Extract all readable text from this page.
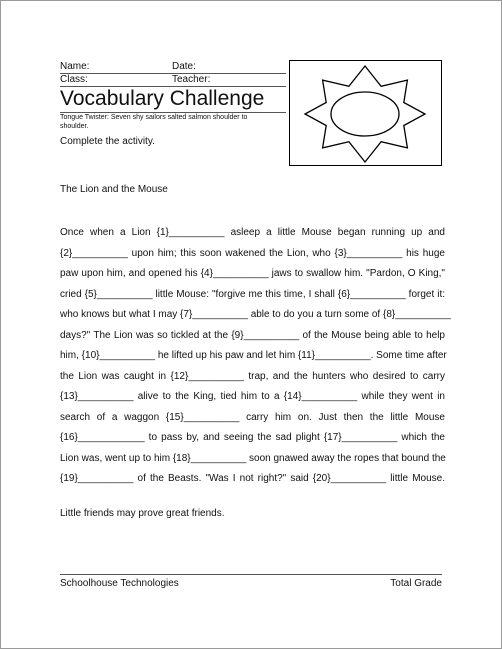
Name:	Date:
Class:	Teacher:
Vocabulary Challenge
Tongue Twister: Seven shy sailors salted salmon shoulder to shoulder.
Complete the activity.
The Lion and the Mouse
Once when a Lion {1}__________ asleep a little Mouse began running up and
{2}__________ upon him; this soon wakened the Lion, who {3}__________ his huge
paw upon him, and opened his {4}__________ jaws to swallow him. "Pardon, O King,"
cried {5}__________ little Mouse: "forgive me this time, I shall {6}__________ forget it:
who knows but what I may {7}__________ able to do you a turn some of {8}__________
days?" The Lion was so tickled at the {9}__________ of the Mouse being able to help
him, {10}__________ he lifted up his paw and let him {11}__________. Some time after
the Lion was caught in {12}__________ trap, and the hunters who desired to carry
{13}__________ alive to the King, tied him to a {14}__________ while they went in
search of a waggon {15}__________ carry him on. Just then the little Mouse
{16}____________ to pass by, and seeing the sad plight {17}__________ which the
Lion was, went up to him {18}__________ soon gnawed away the ropes that bound the
{19}__________ of the Beasts. "Was I not right?" said {20}__________ little Mouse.
Little friends may prove great friends.
Schoolhouse Technologies	Total Grade
